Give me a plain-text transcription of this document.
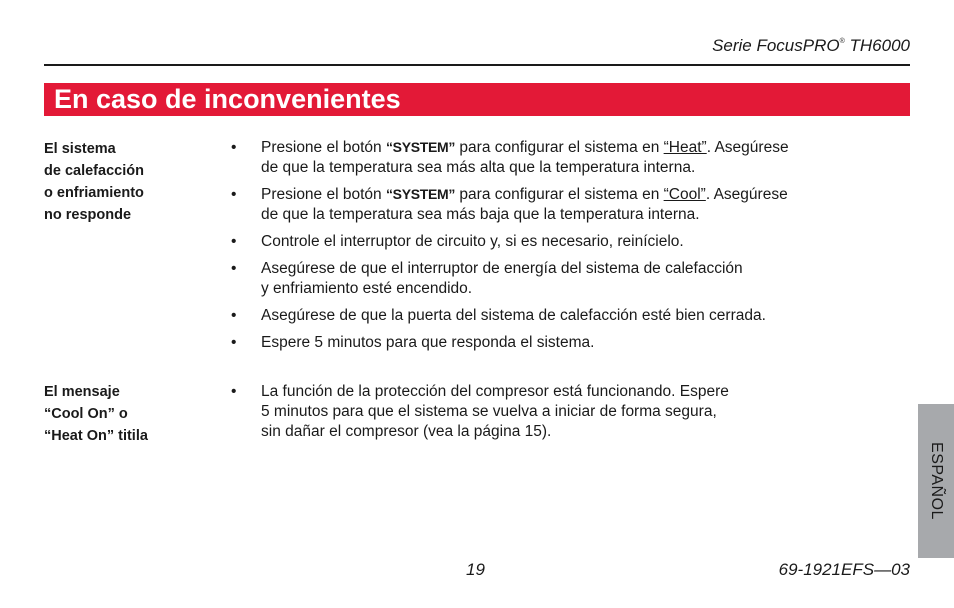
Serie FocusPRO® TH6000
En caso de inconvenientes
El sistema
de calefacción
o enfriamiento
no responde
• Presione el botón “SYSTEM” para configurar el sistema en “Heat”. Asegúrese
de que la temperatura sea más alta que la temperatura interna.
• Presione el botón “SYSTEM” para configurar el sistema en “Cool”. Asegúrese
de que la temperatura sea más baja que la temperatura interna.
• Controle el interruptor de circuito y, si es necesario, reinícielo.
• Asegúrese de que el interruptor de energía del sistema de calefacción
y enfriamiento esté encendido.
• Asegúrese de que la puerta del sistema de calefacción esté bien cerrada.
• Espere 5 minutos para que responda el sistema.
El mensaje
“Cool On” o
“Heat On” titila
• La función de la protección del compresor está funcionando. Espere
5 minutos para que el sistema se vuelva a iniciar de forma segura,
sin dañar el compresor (vea la página 15).
ESPAÑOL
19	69-1921EFS—03
